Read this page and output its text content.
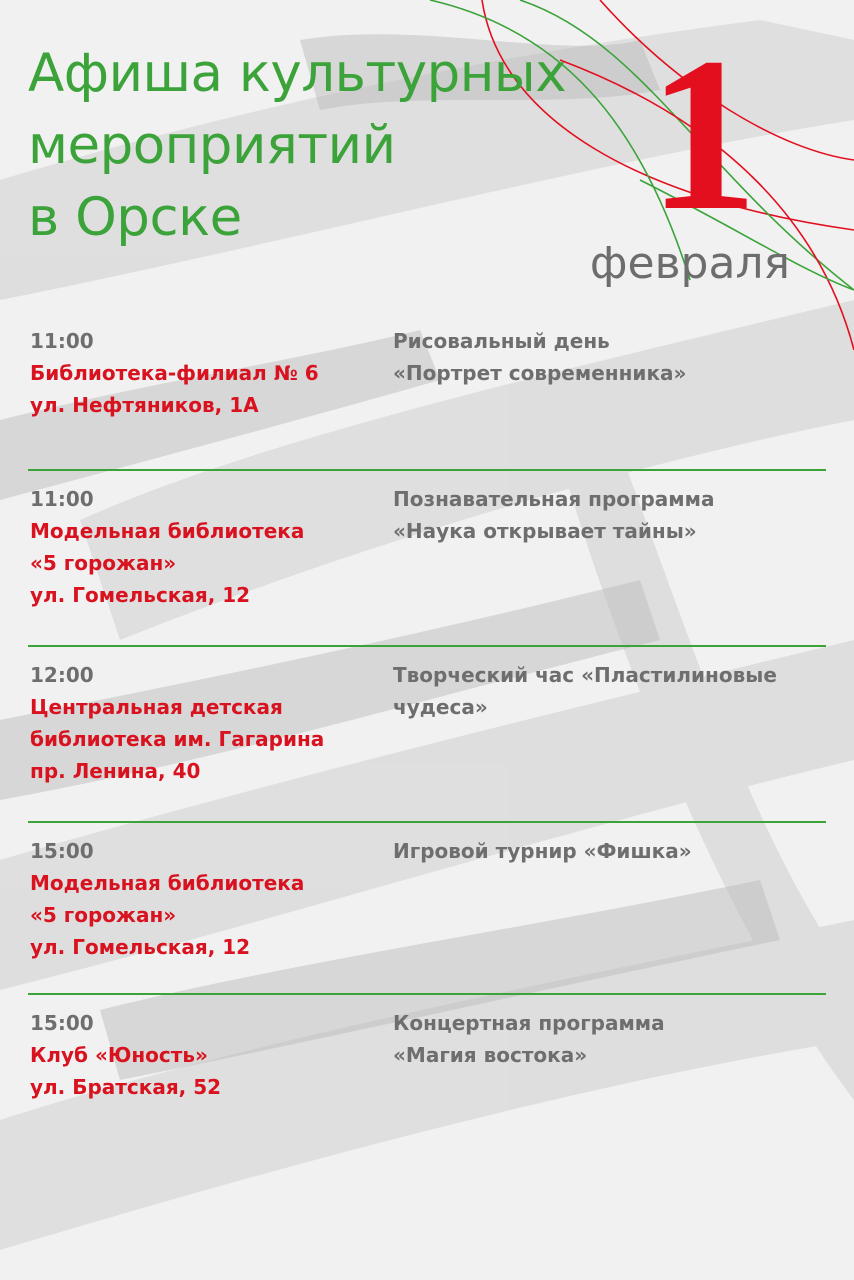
Афиша культурных
мероприятий
в Орске	1
февраля
11:00
Библиотека-филиал № 6
ул. Нефтяников, 1А
Рисовальный день
«Портрет современника»
11:00
Модельная библиотека
«5 горожан»
ул. Гомельская, 12
Познавательная программа
«Наука открывает тайны»
12:00
Центральная детская
библиотека им. Гагарина
пр. Ленина, 40
Творческий час «Пластилиновые
чудеса»
15:00
Модельная библиотека
«5 горожан»
ул. Гомельская, 12
Игровой турнир «Фишка»
15:00
Клуб «Юность»
ул. Братская, 52
Концертная программа
«Магия востока»
